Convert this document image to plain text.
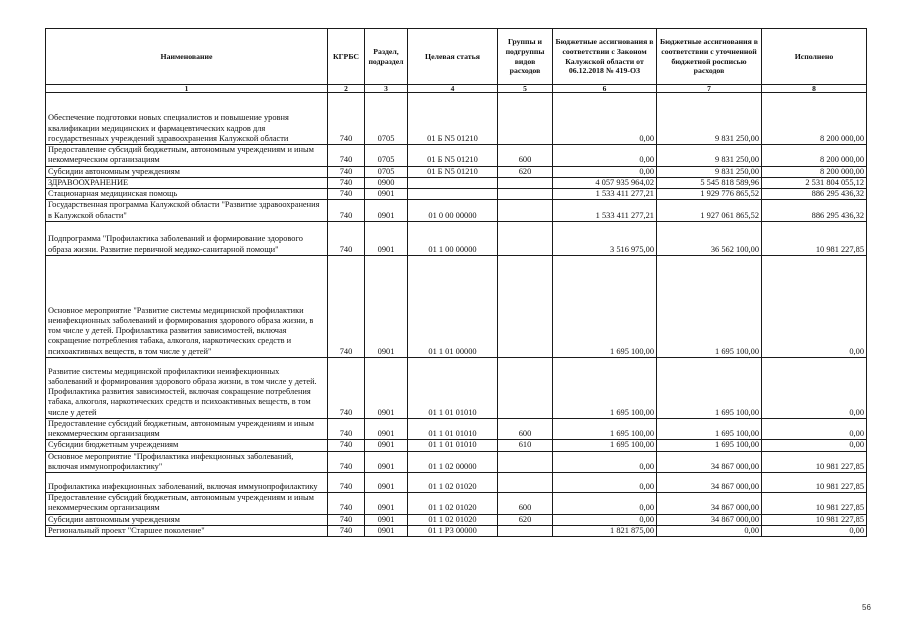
Наименование	КГРБС	Раздел, подраздел	Целевая статья	Группы и подгруппы видов расходов	Бюджетные ассигнования в соответствии с Законом Калужской области от 06.12.2018 № 419-ОЗ	Бюджетные ассигнования в соответствии с уточненной бюджетной росписью расходов	Исполнено
1	2	3	4	5	6	7	8
Обеспечение подготовки новых специалистов и повышение уровня квалификации медицинских и фармацевтических кадров для государственных учреждений здравоохранения Калужской области	740	0705	01 Б N5 01210		0,00	9 831 250,00	8 200 000,00
Предоставление субсидий бюджетным, автономным учреждениям и иным некоммерческим организациям	740	0705	01 Б N5 01210	600	0,00	9 831 250,00	8 200 000,00
Субсидии автономным учреждениям	740	0705	01 Б N5 01210	620	0,00	9 831 250,00	8 200 000,00
ЗДРАВООХРАНЕНИЕ	740	0900			4 057 935 964,02	5 545 818 589,96	2 531 804 055,12
Стационарная медицинская помощь	740	0901			1 533 411 277,21	1 929 776 865,52	886 295 436,32
Государственная программа Калужской области "Развитие здравоохранения в Калужской области"	740	0901	01 0 00 00000		1 533 411 277,21	1 927 061 865,52	886 295 436,32
Подпрограмма "Профилактика заболеваний и формирование здорового образа жизни. Развитие первичной медико-санитарной помощи"	740	0901	01 1 00 00000		3 516 975,00	36 562 100,00	10 981 227,85
Основное мероприятие "Развитие системы медицинской профилактики неинфекционных заболеваний и формирования здорового образа жизни, в том числе у детей. Профилактика развития зависимостей, включая сокращение потребления табака, алкоголя, наркотических средств и психоактивных веществ, в том числе у детей"	740	0901	01 1 01 00000		1 695 100,00	1 695 100,00	0,00
Развитие системы медицинской профилактики неинфекционных заболеваний и формирования здорового образа жизни, в том числе у детей. Профилактика развития зависимостей, включая сокращение потребления табака, алкоголя, наркотических средств и психоактивных веществ, в том числе у детей	740	0901	01 1 01 01010		1 695 100,00	1 695 100,00	0,00
Предоставление субсидий бюджетным, автономным учреждениям и иным некоммерческим организациям	740	0901	01 1 01 01010	600	1 695 100,00	1 695 100,00	0,00
Субсидии бюджетным учреждениям	740	0901	01 1 01 01010	610	1 695 100,00	1 695 100,00	0,00
Основное мероприятие "Профилактика инфекционных заболеваний, включая иммунопрофилактику"	740	0901	01 1 02 00000		0,00	34 867 000,00	10 981 227,85
Профилактика инфекционных заболеваний, включая иммунопрофилактику	740	0901	01 1 02 01020		0,00	34 867 000,00	10 981 227,85
Предоставление субсидий бюджетным, автономным учреждениям и иным некоммерческим организациям	740	0901	01 1 02 01020	600	0,00	34 867 000,00	10 981 227,85
Субсидии автономным учреждениям	740	0901	01 1 02 01020	620	0,00	34 867 000,00	10 981 227,85
Региональный проект "Старшее поколение"	740	0901	01 1 P3 00000		1 821 875,00	0,00	0,00
56
